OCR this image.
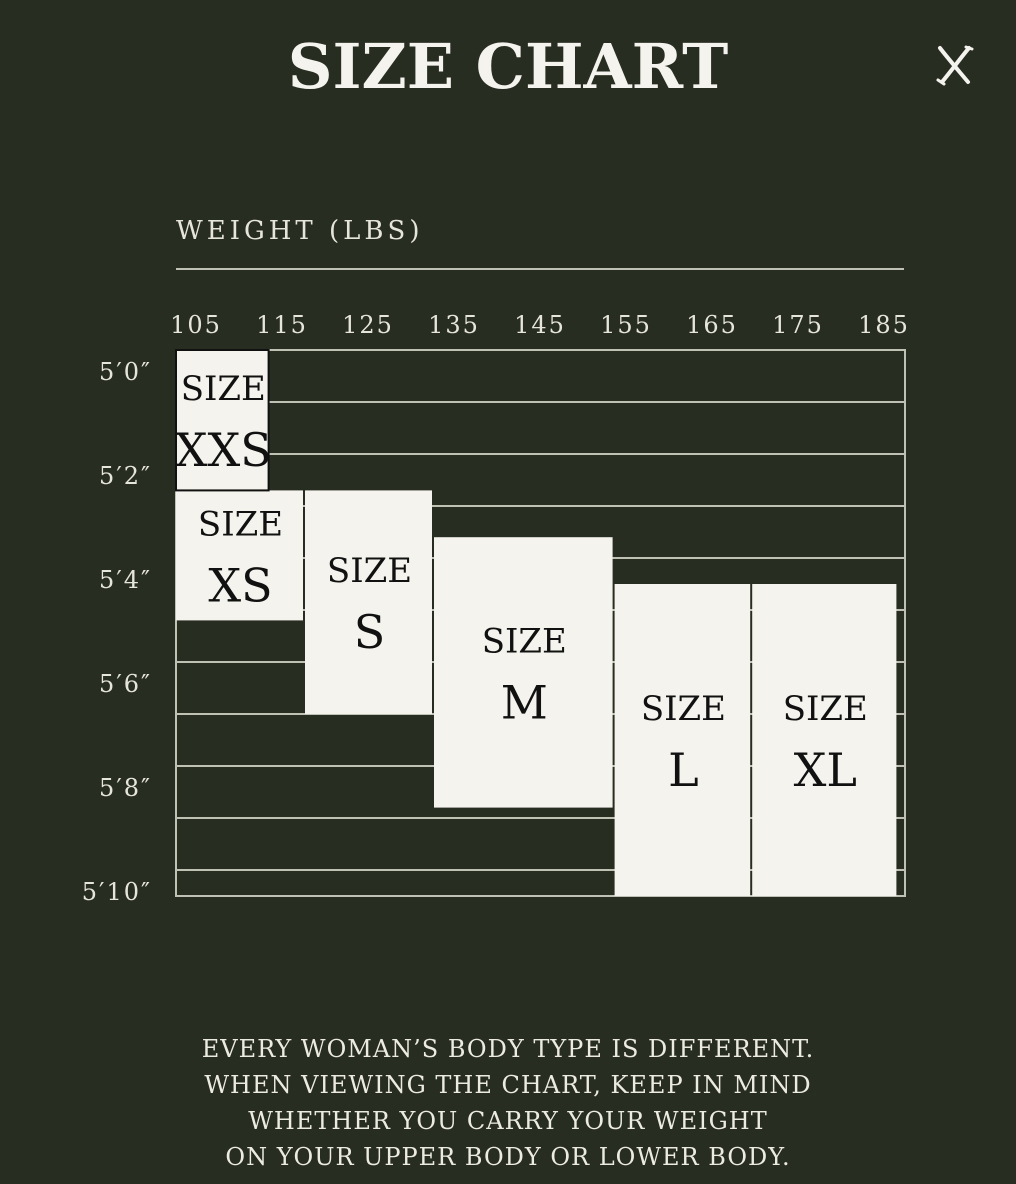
SIZE CHART
WEIGHT (LBS)
105 115 125 135 145 155 165 175 185
5′0″
5′2″
5′4″
5′6″
5′8″
5′10″
SIZE
XS
SIZE
XXS
SIZE
S	SIZE
M	SIZE
L
SIZE
XL
EVERY WOMAN’S BODY TYPE IS DIFFERENT.
WHEN VIEWING THE CHART, KEEP IN MIND
WHETHER YOU CARRY YOUR WEIGHT
ON YOUR UPPER BODY OR LOWER BODY.
